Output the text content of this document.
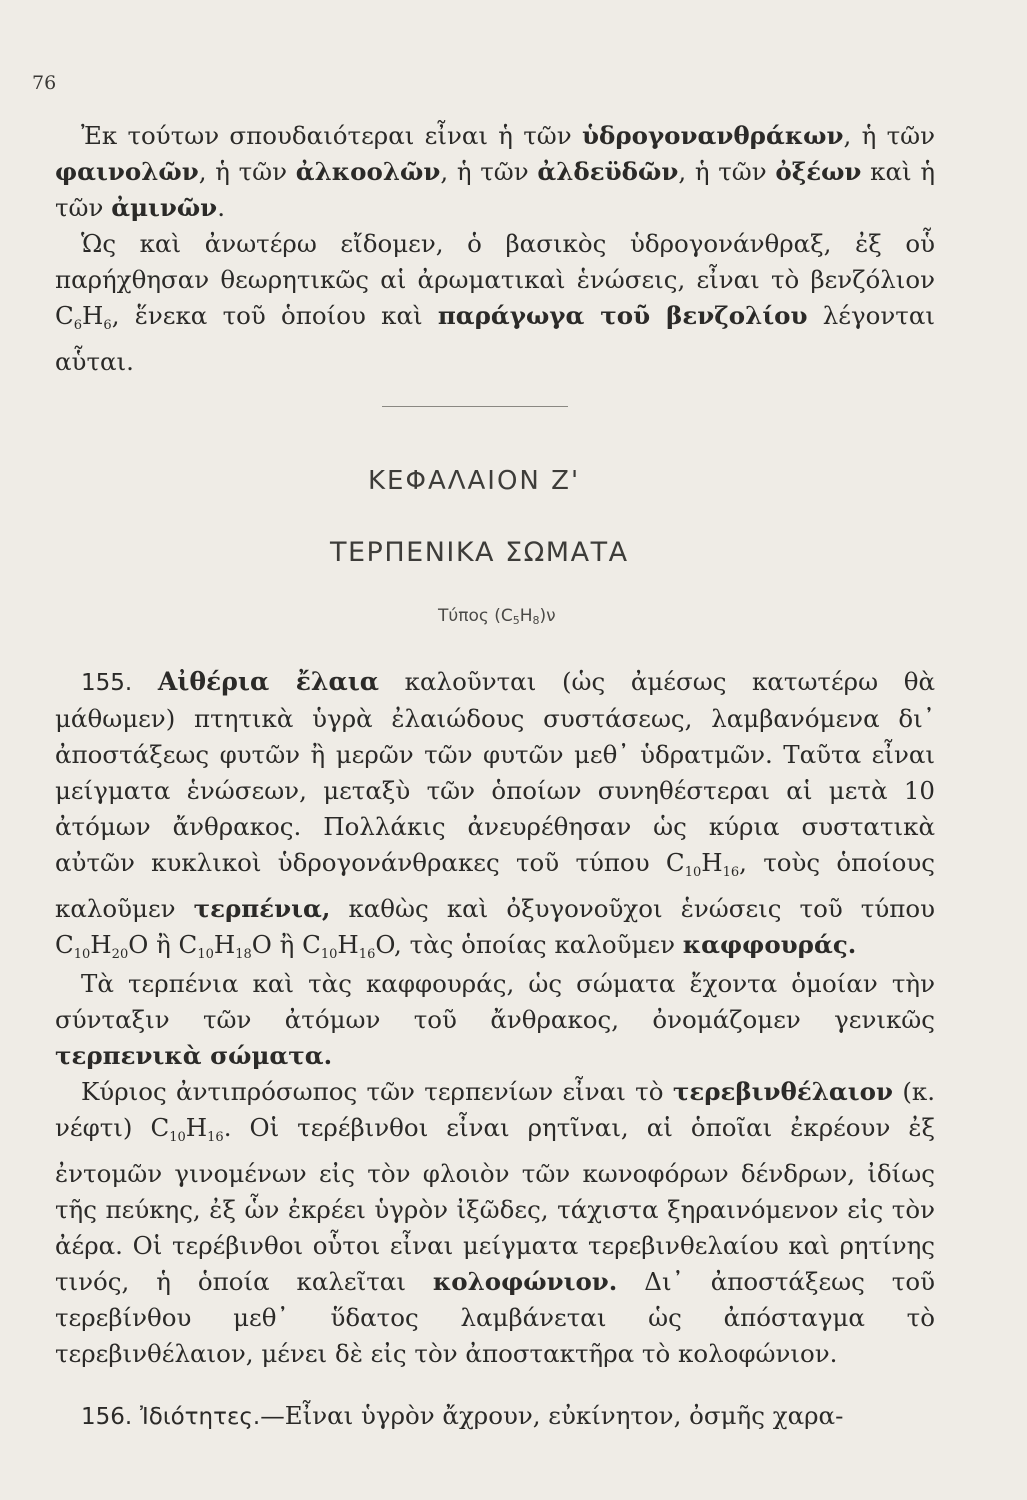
76
Ἐκ τούτων σπουδαιότεραι εἶναι ἡ τῶν ὑδρογονανθράκων, ἡ τῶν φαινολῶν, ἡ τῶν ἀλκοολῶν, ἡ τῶν ἀλδεϋδῶν, ἡ τῶν ὀξέων καὶ ἡ τῶν ἀμινῶν.
Ὡς καὶ ἀνωτέρω εἴδομεν, ὁ βασικὸς ὑδρογονάνθραξ, ἐξ οὗ παρήχθησαν θεωρητικῶς αἱ ἀρωματικαὶ ἑνώσεις, εἶναι τὸ βενζόλιον $C_6H_6$, ἕνεκα τοῦ ὁποίου καὶ παράγωγα τοῦ βενζολίου λέγονται αὗται.
ΚΕΦΑΛΑΙΟΝ Ζ'
ΤΕΡΠΕΝΙΚΑ ΣΩΜΑΤΑ
Τύπος $(C_5H_8)\nu$
155. Αἰθέρια ἔλαια καλοῦνται (ὡς ἀμέσως κατωτέρω θὰ μάθωμεν) πτητικὰ ὑγρὰ ἐλαιώδους συστάσεως, λαμβανόμενα δι᾽ ἀποστάξεως φυτῶν ἢ μερῶν τῶν φυτῶν μεθ᾽ ὑδρατμῶν. Ταῦτα εἶναι μείγματα ἑνώσεων, μεταξὺ τῶν ὁποίων συνηθέστεραι αἱ μετὰ 10 ἀτόμων ἄνθρακος. Πολλάκις ἀνευρέθησαν ὡς κύρια συστατικὰ αὐτῶν κυκλικοὶ ὑδρογονάνθρακες τοῦ τύπου $C_{10}H_{16}$, τοὺς ὁποίους καλοῦμεν τερπένια, καθὼς καὶ ὀξυγονοῦχοι ἑνώσεις τοῦ τύπου $C_{10}H_{20}O$ ἢ $C_{10}H_{18}O$ ἢ $C_{10}H_{16}O$, τὰς ὁποίας καλοῦμεν καφφουράς.
Τὰ τερπένια καὶ τὰς καφφουράς, ὡς σώματα ἔχοντα ὁμοίαν τὴν σύνταξιν τῶν ἀτόμων τοῦ ἄνθρακος, ὀνομάζομεν γενικῶς τερπενικὰ σώματα.
Κύριος ἀντιπρόσωπος τῶν τερπενίων εἶναι τὸ τερεβινθέλαιον (κ. νέφτι) $C_{10}H_{16}$. Οἱ τερέβινθοι εἶναι ρητῖναι, αἱ ὁποῖαι ἐκρέουν ἐξ ἐντομῶν γινομένων εἰς τὸν φλοιὸν τῶν κωνοφόρων δένδρων, ἰδίως τῆς πεύκης, ἐξ ὧν ἐκρέει ὑγρὸν ἰξῶδες, τάχιστα ξηραινόμενον εἰς τὸν ἀέρα. Οἱ τερέβινθοι οὗτοι εἶναι μείγματα τερεβινθελαίου καὶ ρητίνης τινός, ἡ ὁποία καλεῖται κολοφώνιον. Δι᾽ ἀποστάξεως τοῦ τερεβίνθου μεθ᾽ ὕδατος λαμβάνεται ὡς ἀπόσταγμα τὸ τερεβινθέλαιον, μένει δὲ εἰς τὸν ἀποστακτῆρα τὸ κολοφώνιον.
156. Ἰδιότητες.—Εἶναι ὑγρὸν ἄχρουν, εὐκίνητον, ὀσμῆς χαρα-
